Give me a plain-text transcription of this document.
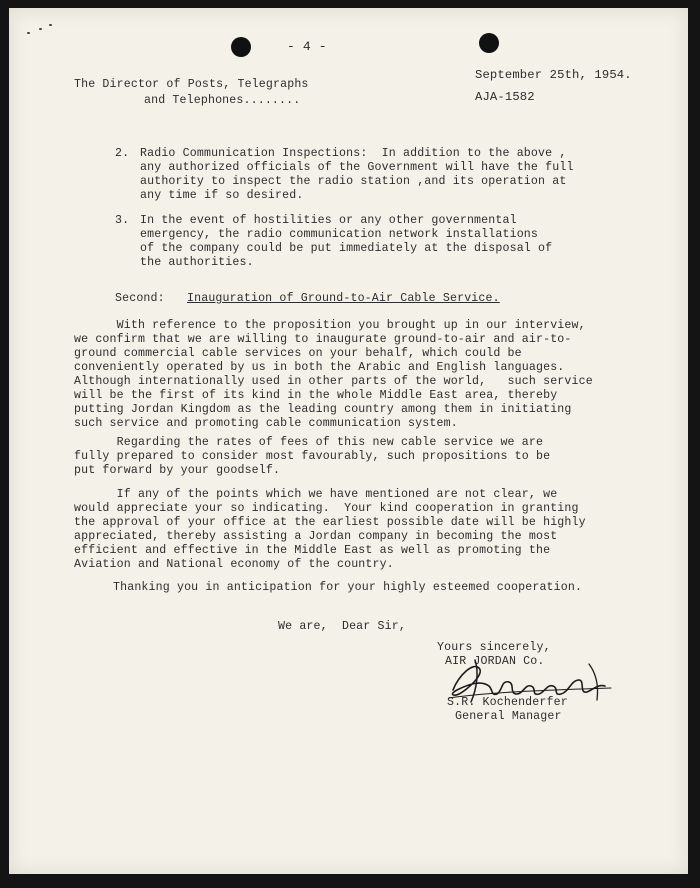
- 4 -
The Director of Posts, Telegraphs
and Telephones........
September 25th, 1954.
AJA-1582
2. Radio Communication Inspections:  In addition to the above ,
any authorized officials of the Government will have the full
authority to inspect the radio station ,and its operation at
any time if so desired.
3. In the event of hostilities or any other governmental
emergency, the radio communication network installations
of the company could be put immediately at the disposal of
the authorities.
Second: Inauguration of Ground-to-Air Cable Service.
With reference to the proposition you brought up in our interview,
we confirm that we are willing to inaugurate ground-to-air and air-to-
ground commercial cable services on your behalf, which could be
conveniently operated by us in both the Arabic and English languages.
Although internationally used in other parts of the world,   such service
will be the first of its kind in the whole Middle East area, thereby
putting Jordan Kingdom as the leading country among them in initiating
such service and promoting cable communication system.
Regarding the rates of fees of this new cable service we are
fully prepared to consider most favourably, such propositions to be
put forward by your goodself.
If any of the points which we have mentioned are not clear, we
would appreciate your so indicating.  Your kind cooperation in granting
the approval of your office at the earliest possible date will be highly
appreciated, thereby assisting a Jordan company in becoming the most
efficient and effective in the Middle East as well as promoting the
Aviation and National economy of the country.
Thanking you in anticipation for your highly esteemed cooperation.
We are,  Dear Sir,
Yours sincerely,
AIR JORDAN Co.
S.R. Kochenderfer
General Manager
